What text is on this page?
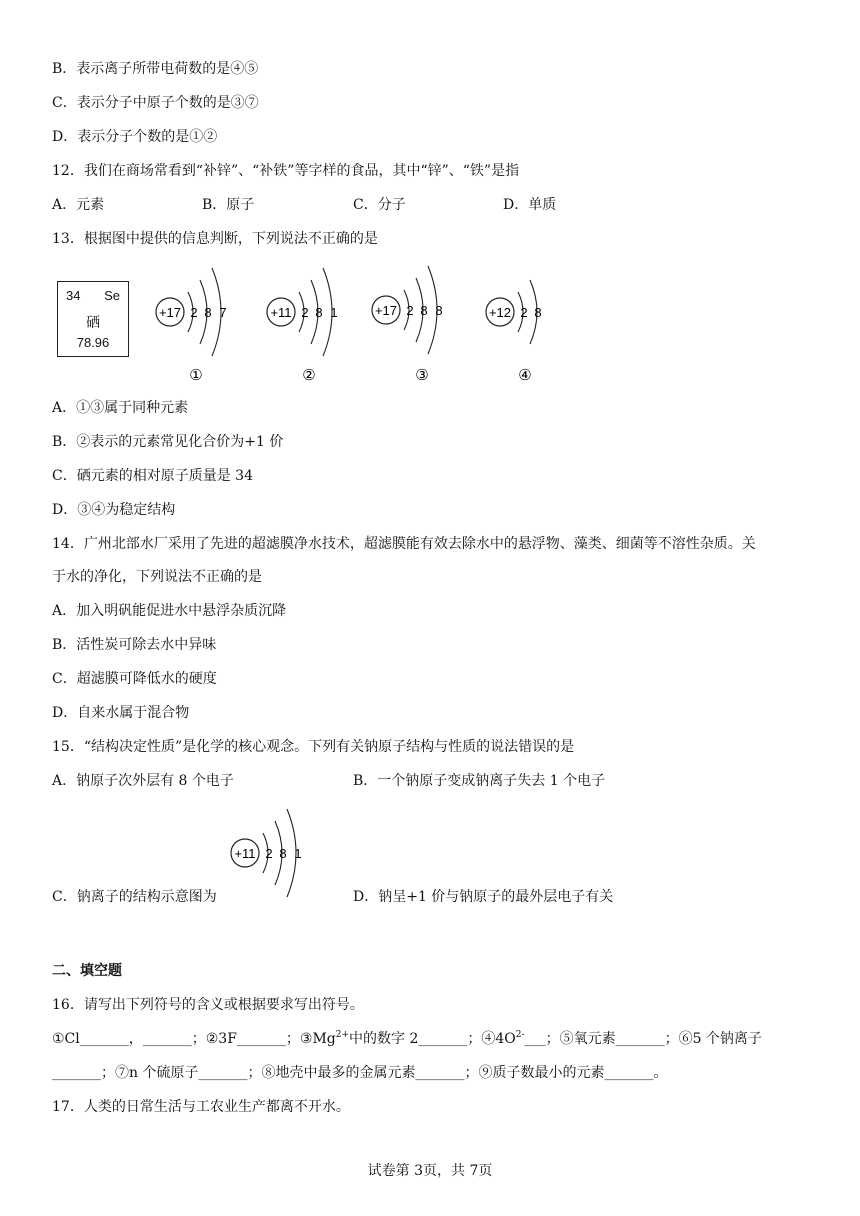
B．表示离子所带电荷数的是④⑤
C．表示分子中原子个数的是③⑦
D．表示分子个数的是①②
12．我们在商场常看到“补锌”、“补铁”等字样的食品，其中“锌”、“铁”是指
A．元素	B．原子	C．分子	D．单质
13．根据图中提供的信息判断，下列说法不正确的是
34 Se
硒
78.96
+17 2 8 7
①
+11 2 8 1
②
+17 2 8 8
③
+12 2 8
④
A．①③属于同种元素
B．②表示的元素常见化合价为+1 价
C．硒元素的相对原子质量是 34
D．③④为稳定结构
14．广州北部水厂采用了先进的超滤膜净水技术，超滤膜能有效去除水中的悬浮物、藻类、细菌等不溶性杂质。关
于水的净化，下列说法不正确的是
A．加入明矾能促进水中悬浮杂质沉降
B．活性炭可除去水中异味
C．超滤膜可降低水的硬度
D．自来水属于混合物
15．“结构决定性质”是化学的核心观念。下列有关钠原子结构与性质的说法错误的是
A．钠原子次外层有 8 个电子	B．一个钠原子变成钠离子失去 1 个电子
+11 2 8 1
C．钠离子的结构示意图为	D．钠呈+1 价与钠原子的最外层电子有关
二、填空题
16．请写出下列符号的含义或根据要求写出符号。
①Cl_______，_______；②3F_______；$③Mg^{2+}$中的数字 2_______；$④4O^{2-}\_\_\_$；⑤氧元素_______；⑥5 个钠离子
_______；⑦n 个硫原子_______；⑧地壳中最多的金属元素_______；⑨质子数最小的元素_______。
17．人类的日常生活与工农业生产都离不开水。
试卷第 3页，共 7页
